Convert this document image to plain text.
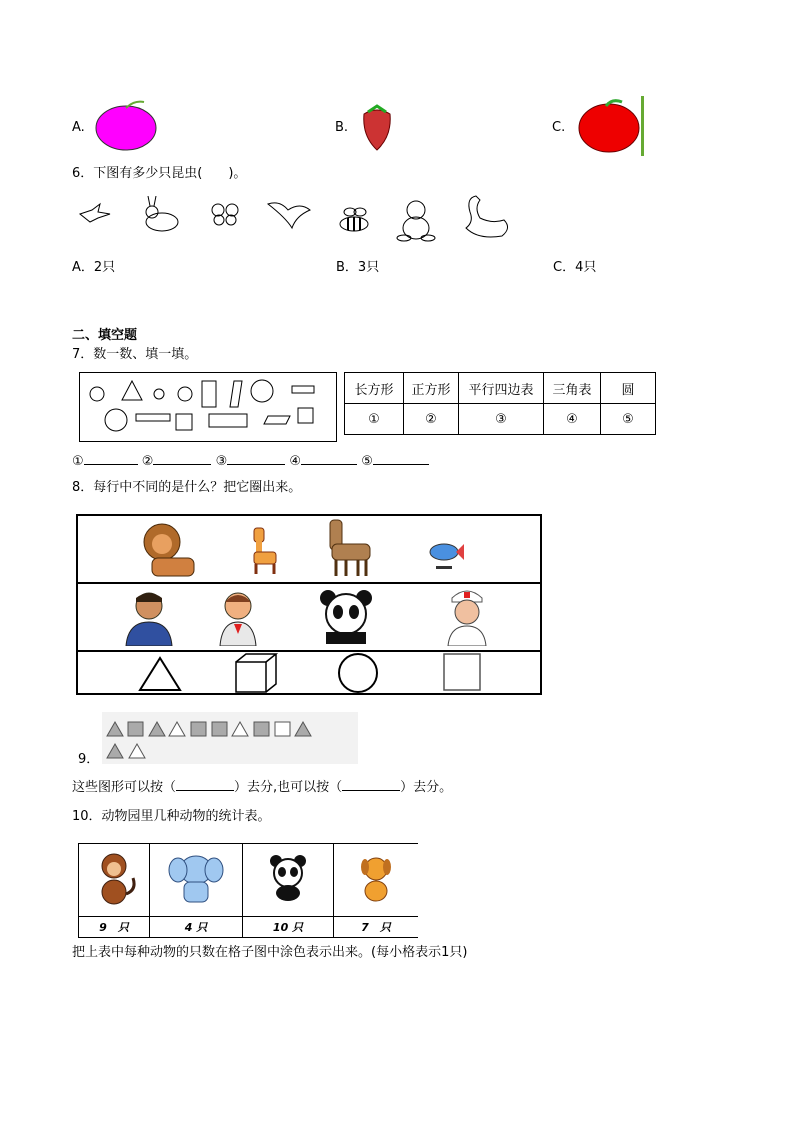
A.	B.	C.
6．下图有多少只昆虫(　　)。
A．2只	B．3只	C．4只
二、填空题
7．数一数、填一填。
长方形	正方形	平行四边表	三角表	圆
①	②	③	④	⑤
①	②	③	④	⑤
8．每行中不同的是什么？把它圈出来。
9．
这些图形可以按（	）去分,也可以按（	）去分。
10．动物园里几种动物的统计表。

9　只	4 只	10 只	7　只
把上表中每种动物的只数在格子图中涂色表示出来。(每小格表示1只)
